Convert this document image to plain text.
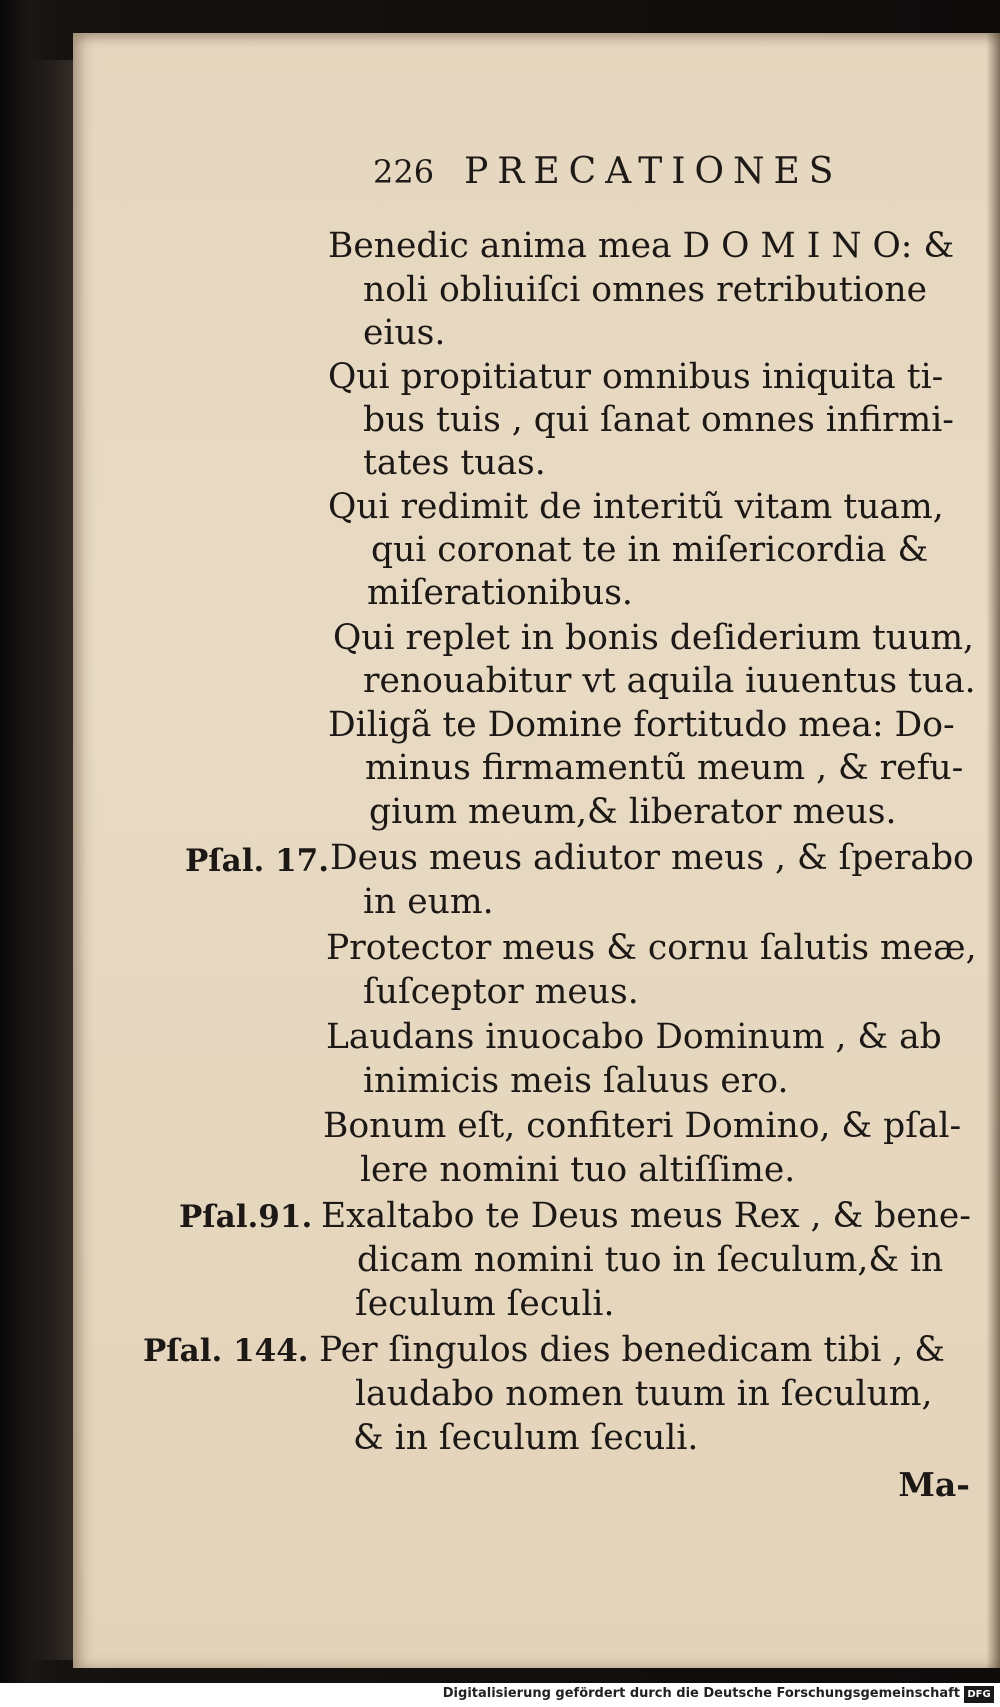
226 PRECATIONES
Benedic anima mea D O M I N O: &
noli obliuiſci omnes retributione
eius.
Qui propitiatur omnibus iniquita ti-
bus tuis , qui ſanat omnes infirmi-
tates tuas.
Qui redimit de interitũ vitam tuam,
qui coronat te in miſericordia &
miſerationibus.
Qui replet in bonis deſiderium tuum,
renouabitur vt aquila iuuentus tua.
Diligã te Domine fortitudo mea: Do-
minus firmamentũ meum , & refu-
gium meum,& liberator meus.
Deus meus adiutor meus , & ſperabo
in eum.
Protector meus & cornu ſalutis meæ,
ſuſceptor meus.
Laudans inuocabo Dominum , & ab
inimicis meis ſaluus ero.
Bonum eſt, confiteri Domino, & pſal-
lere nomini tuo altiſſime.
Exaltabo te Deus meus Rex , & bene-
dicam nomini tuo in ſeculum,& in
ſeculum ſeculi.
Per ſingulos dies benedicam tibi , &
laudabo nomen tuum in ſeculum,
& in ſeculum ſeculi.
Pſal. 17.
Pſal.91.
Pſal. 144.
Ma-
Digitalisierung gefördert durch die Deutsche Forschungsgemeinschaft DFG
